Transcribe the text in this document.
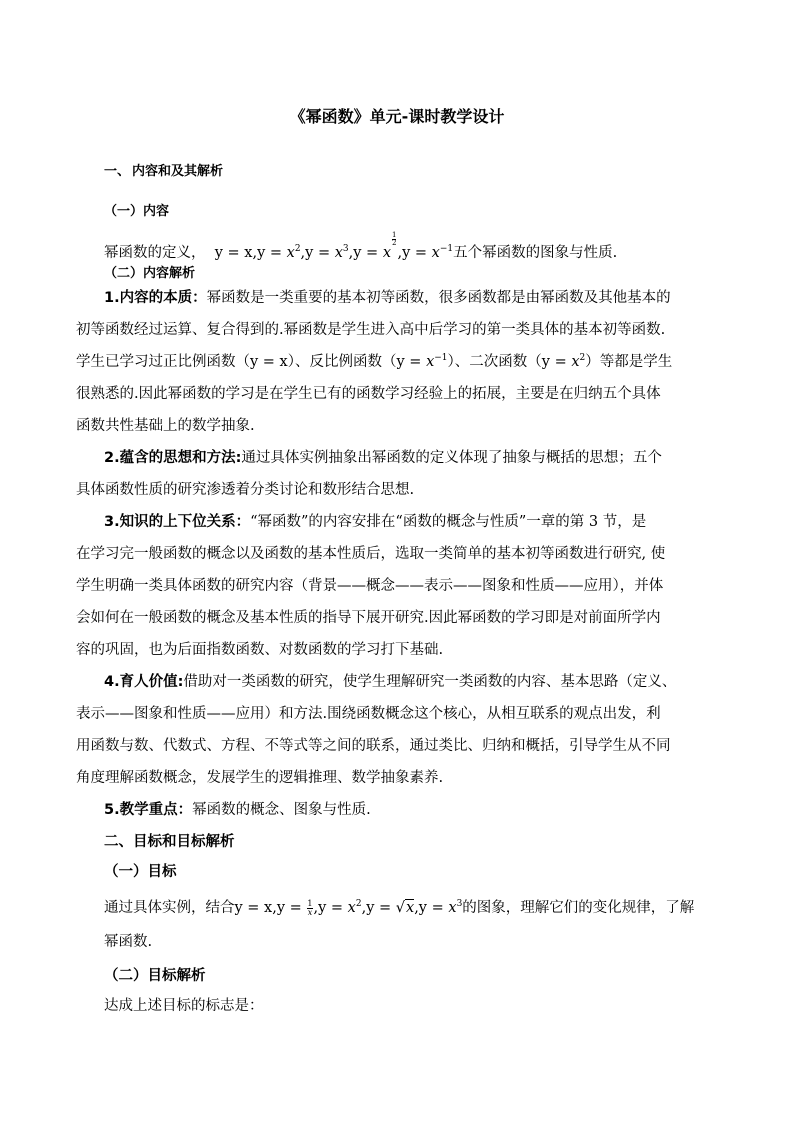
《幂函数》单元-课时教学设计
一、 内容和及其解析
（一）内容
幂函数的定义，  $y = x,y = x^2,y = x^3,y = x$
$^{\frac{1}{2}}$
$,y = x^{-1}$五个幂函数的图象与性质.
（二）内容解析
1.内容的本质：幂函数是一类重要的基本初等函数，很多函数都是由幂函数及其他基本的
初等函数经过运算、复合得到的.幂函数是学生进入高中后学习的第一类具体的基本初等函数.
学生已学习过正比例函数（y = x）、反比例函数$(y = x^{-1})$、二次函数$(y = x^2)$等都是学生
很熟悉的.因此幂函数的学习是在学生已有的函数学习经验上的拓展，主要是在归纳五个具体
函数共性基础上的数学抽象.
2.蕴含的思想和方法:通过具体实例抽象出幂函数的定义体现了抽象与概括的思想；五个
具体函数性质的研究渗透着分类讨论和数形结合思想.
3.知识的上下位关系：“幂函数”的内容安排在“函数的概念与性质”一章的第 3 节，是
在学习完一般函数的概念以及函数的基本性质后，选取一类简单的基本初等函数进行研究, 使
学生明确一类具体函数的研究内容（背景——概念——表示——图象和性质——应用），并体
会如何在一般函数的概念及基本性质的指导下展开研究.因此幂函数的学习即是对前面所学内
容的巩固，也为后面指数函数、对数函数的学习打下基础.
4.育人价值:借助对一类函数的研究，使学生理解研究一类函数的内容、基本思路（定义、
表示——图象和性质——应用）和方法.围绕函数概念这个核心，从相互联系的观点出发，利
用函数与数、代数式、方程、不等式等之间的联系，通过类比、归纳和概括，引导学生从不同
角度理解函数概念，发展学生的逻辑推理、数学抽象素养.
5.教学重点：幂函数的概念、图象与性质.
二、目标和目标解析
（一）目标
通过具体实例，结合$y = x,y = \frac{1}{x} ,y = x^2,y = √x,y = x^3$的图象，理解它们的变化规律，了解
幂函数.
（二）目标解析
达成上述目标的标志是：
